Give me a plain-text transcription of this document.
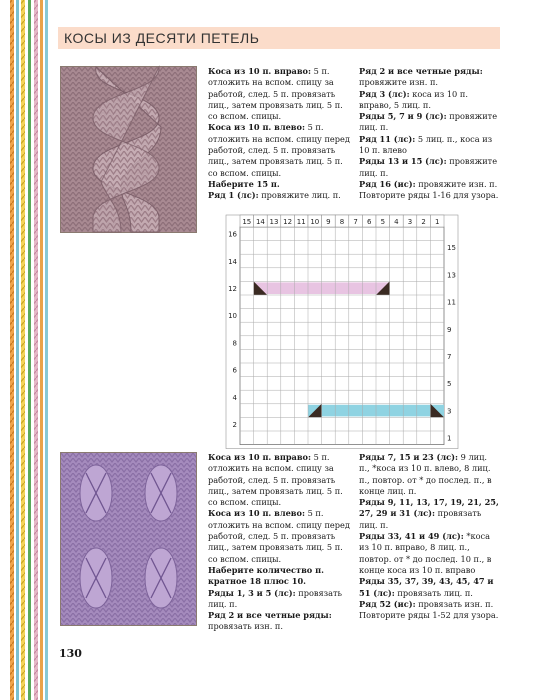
КОСЫ ИЗ ДЕСЯТИ ПЕТЕЛЬ

Коса из 10 п. вправо: 5 п. отложить на вспом. спицу за работой, след. 5 п. провязать лиц., затем провязать лиц. 5 п. со вспом. спицы.

Коса из 10 п. влево: 5 п. отложить на вспом. спицу перед работой, след. 5 п. провязать лиц., затем провязать лиц. 5 п. со вспом. спицы.

Наберите 15 п.

Ряд 1 (лс): провяжите лиц. п.

Ряд 2 и все четные ряды: провяжите изн. п.

Ряд 3 (лс): коса из 10 п. вправо, 5 лиц. п.

Ряды 5, 7 и 9 (лс): провяжите лиц. п.

Ряд 11 (лс): 5 лиц. п., коса из 10 п. влево

Ряды 13 и 15 (лс): провяжите лиц. п.

Ряд 16 (ис): провяжите изн. п. Повторите ряды 1-16 для узора.

15 14 13 12 11 10 9 8 7 6 5 4 3 2 1
16
14
12
10
8
6
4
2
15
13
11
9
7
5
3
1

Коса из 10 п. вправо: 5 п. отложить на вспом. спицу за работой, след. 5 п. провязать лиц., затем провязать лиц. 5 п. со вспом. спицы.

Коса из 10 п. влево: 5 п. отложить на вспом. спицу перед работой, след. 5 п. провязать лиц., затем провязать лиц. 5 п. со вспом. спицы.

Наберите количество п. кратное 18 плюс 10.

Ряды 1, 3 и 5 (лс): провязать лиц. п.

Ряд 2 и все четные ряды: провязать изн. п.

Ряды 7, 15 и 23 (лс): 9 лиц. п., *коса из 10 п. влево, 8 лиц. п., повтор. от * до послед. п., в конце лиц. п.

Ряды 9, 11, 13, 17, 19, 21, 25, 27, 29 и 31 (лс): провязать лиц. п.

Ряды 33, 41 и 49 (лс): *коса из 10 п. вправо, 8 лиц. п., повтор. от * до послед. 10 п., в конце коса из 10 п. вправо

Ряды 35, 37, 39, 43, 45, 47 и 51 (лс): провязать лиц. п.

Ряд 52 (ис): провязать изн. п. Повторите ряды 1-52 для узора.

130
